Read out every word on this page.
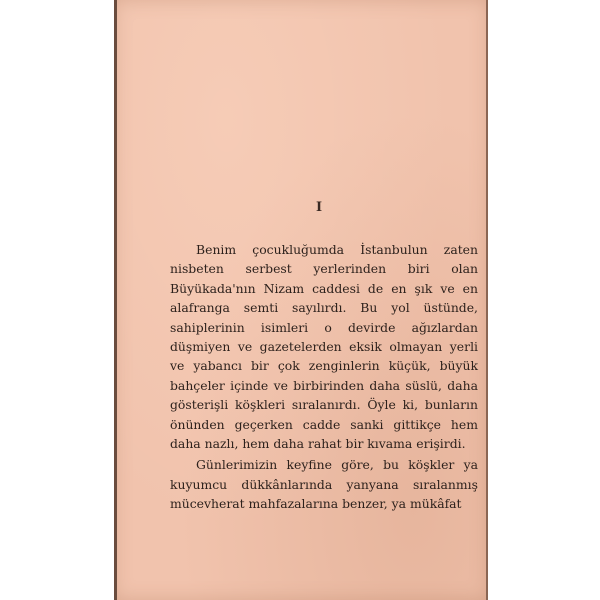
I

Benim çocukluğumda İstanbulun zaten nisbeten serbest yerlerinden biri olan Büyükada'nın Nizam caddesi de en şık ve en alafranga semti sayılırdı. Bu yol üstünde, sahiplerinin isimleri o devirde ağızlardan düşmiyen ve gazetelerden eksik olmayan yerli ve yabancı bir çok zenginlerin küçük, büyük bahçeler içinde ve birbirinden daha süslü, daha gösterişli köşkleri sıralanırdı. Öyle ki, bunların önünden geçerken cadde sanki gittikçe hem daha nazlı, hem daha rahat bir kıvama erişirdi.

Günlerimizin keyfine göre, bu köşkler ya kuyumcu dükkânlarında yanyana sıralanmış mücevherat mahfazalarına benzer, ya mükâfat
